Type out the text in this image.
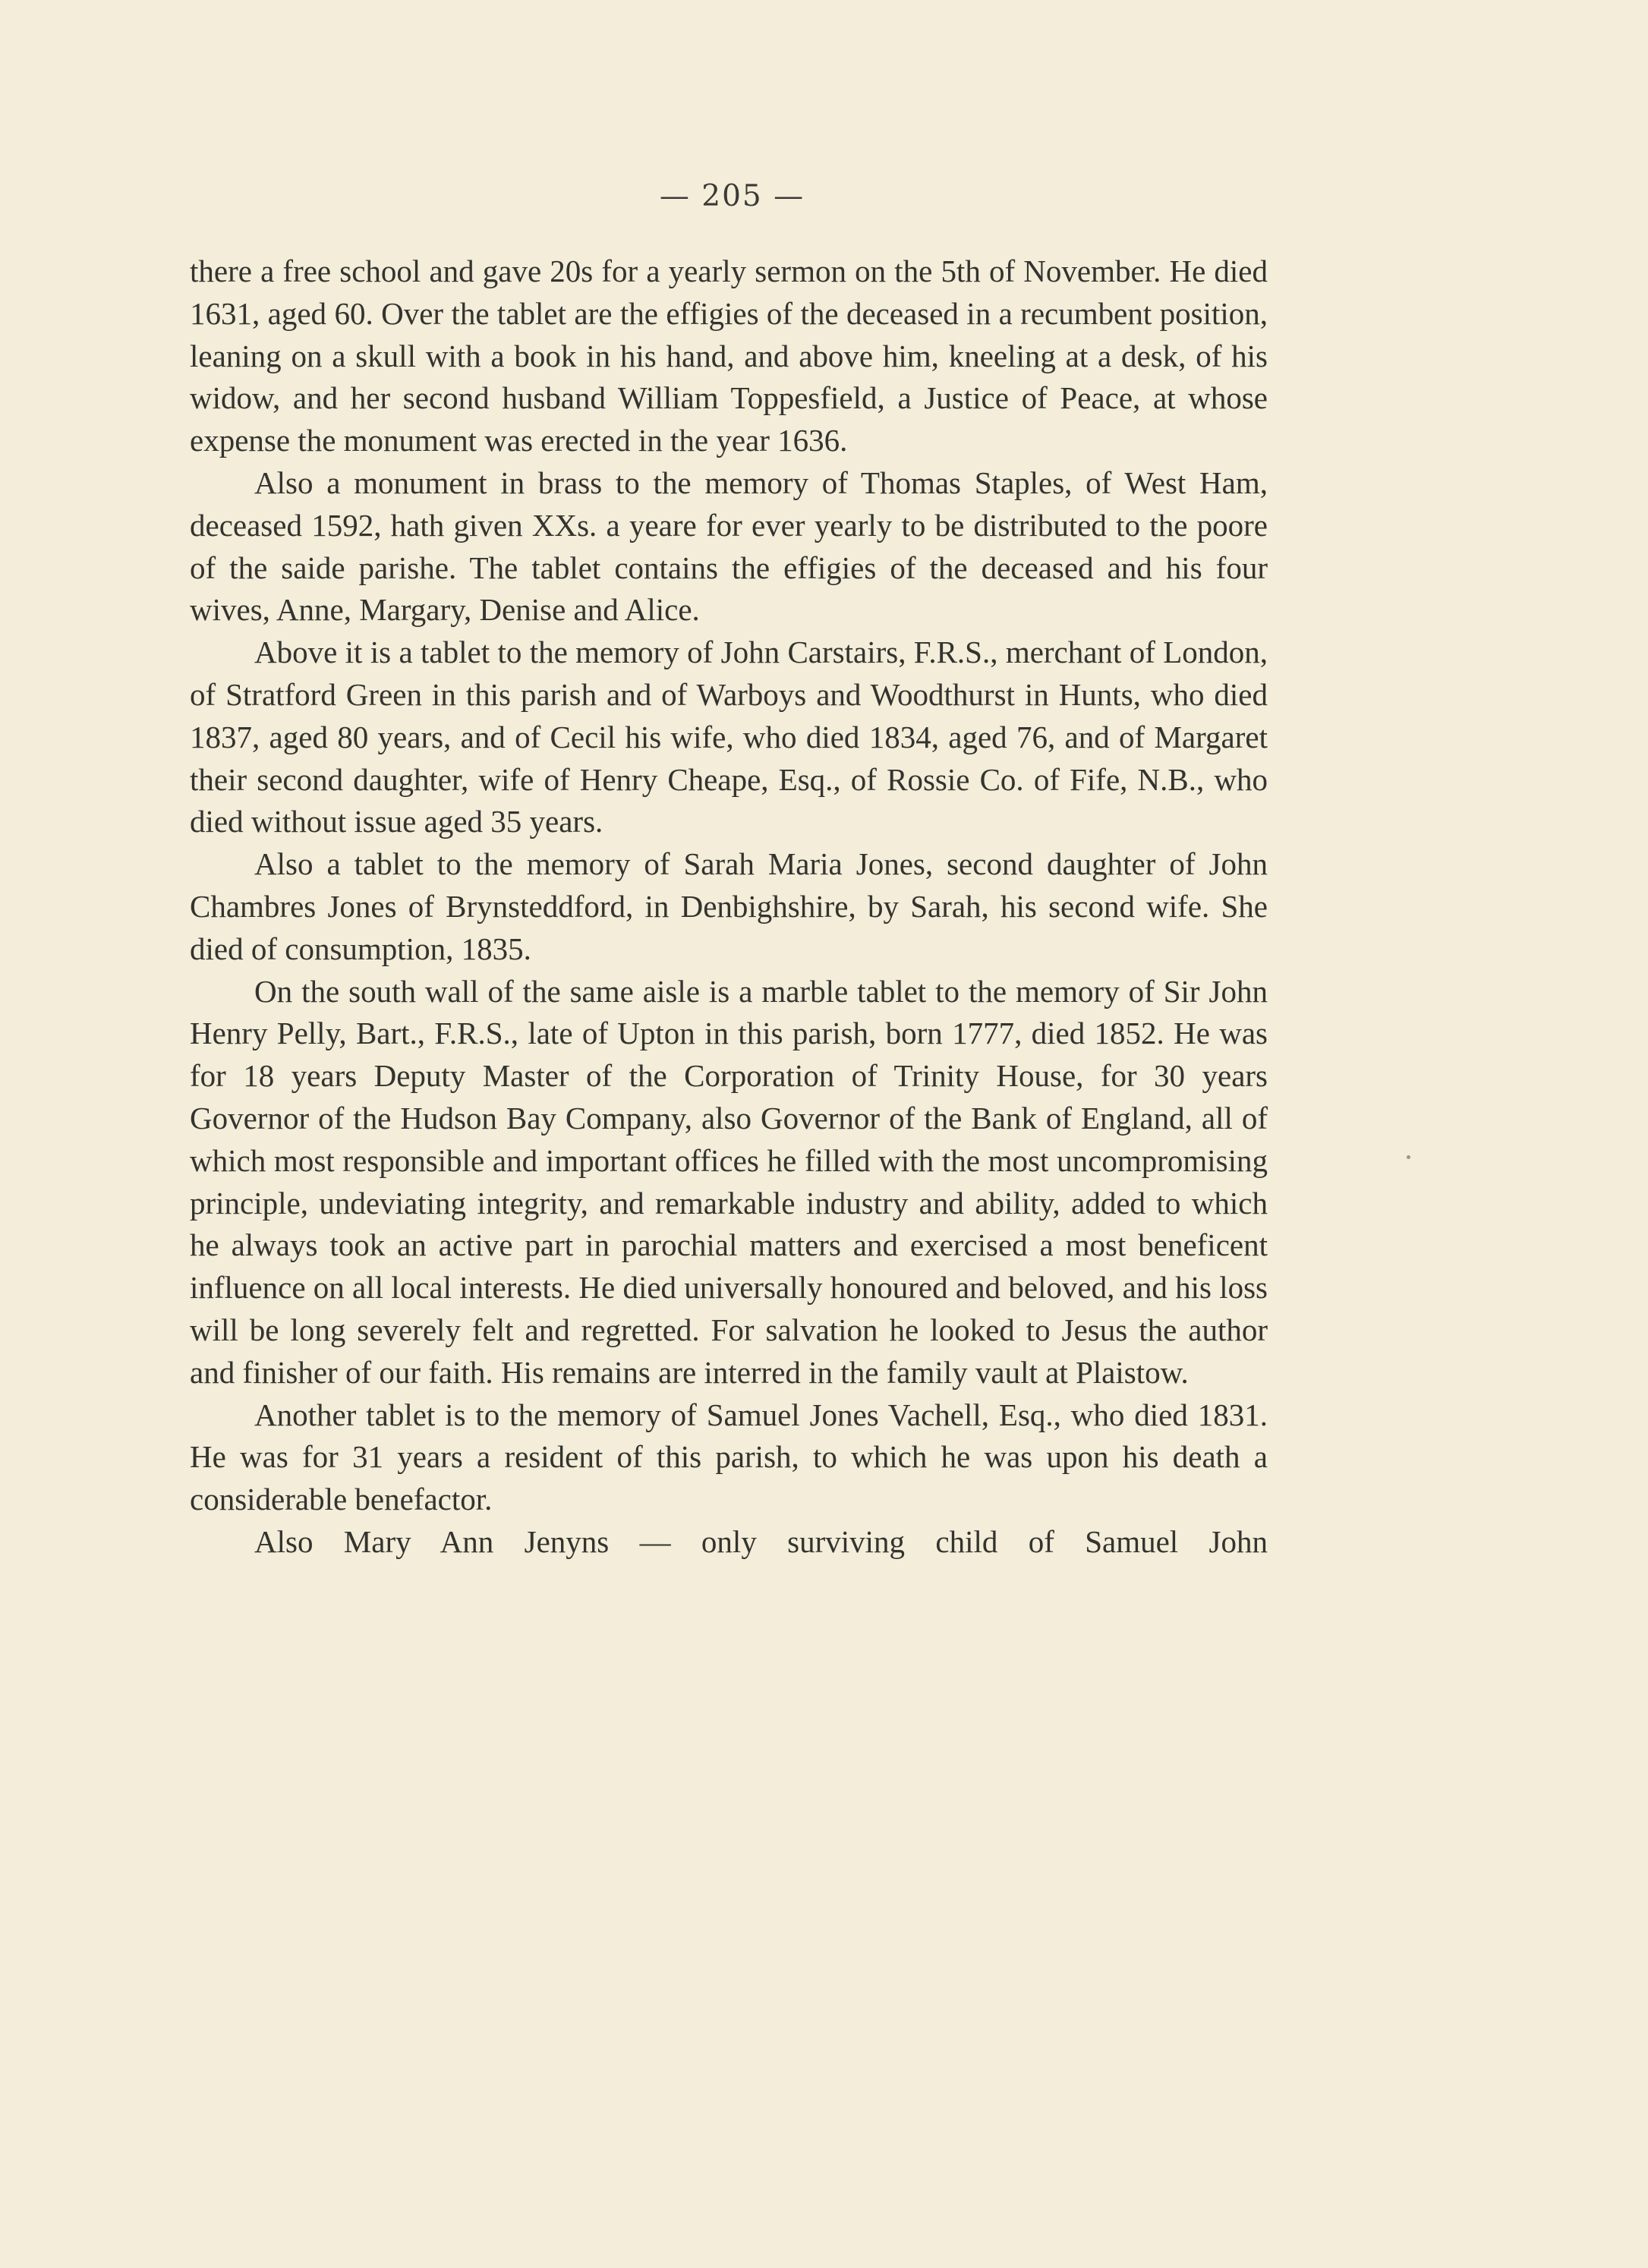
— 205 —

there a free school and gave 20s for a yearly sermon on the 5th of November. He died 1631, aged 60. Over the tablet are the effigies of the deceased in a recumbent position, leaning on a skull with a book in his hand, and above him, kneeling at a desk, of his widow, and her second husband William Toppesfield, a Justice of Peace, at whose expense the monument was erected in the year 1636.

Also a monument in brass to the memory of Thomas Staples, of West Ham, deceased 1592, hath given XXs. a yeare for ever yearly to be distributed to the poore of the saide parishe. The tablet contains the effigies of the deceased and his four wives, Anne, Margary, Denise and Alice.

Above it is a tablet to the memory of John Carstairs, F.R.S., merchant of London, of Stratford Green in this parish and of Warboys and Woodthurst in Hunts, who died 1837, aged 80 years, and of Cecil his wife, who died 1834, aged 76, and of Margaret their second daughter, wife of Henry Cheape, Esq., of Rossie Co. of Fife, N.B., who died without issue aged 35 years.

Also a tablet to the memory of Sarah Maria Jones, second daughter of John Chambres Jones of Brynsteddford, in Denbighshire, by Sarah, his second wife. She died of consumption, 1835.

On the south wall of the same aisle is a marble tablet to the memory of Sir John Henry Pelly, Bart., F.R.S., late of Upton in this parish, born 1777, died 1852. He was for 18 years Deputy Master of the Corporation of Trinity House, for 30 years Governor of the Hudson Bay Company, also Governor of the Bank of England, all of which most responsible and important offices he filled with the most uncompromising principle, undeviating integrity, and remarkable industry and ability, added to which he always took an active part in parochial matters and exercised a most beneficent influence on all local interests. He died universally honoured and beloved, and his loss will be long severely felt and regretted. For salvation he looked to Jesus the author and finisher of our faith. His remains are interred in the family vault at Plaistow.

Another tablet is to the memory of Samuel Jones Vachell, Esq., who died 1831. He was for 31 years a resident of this parish, to which he was upon his death a considerable benefactor.

Also Mary Ann Jenyns — only surviving child of Samuel John
